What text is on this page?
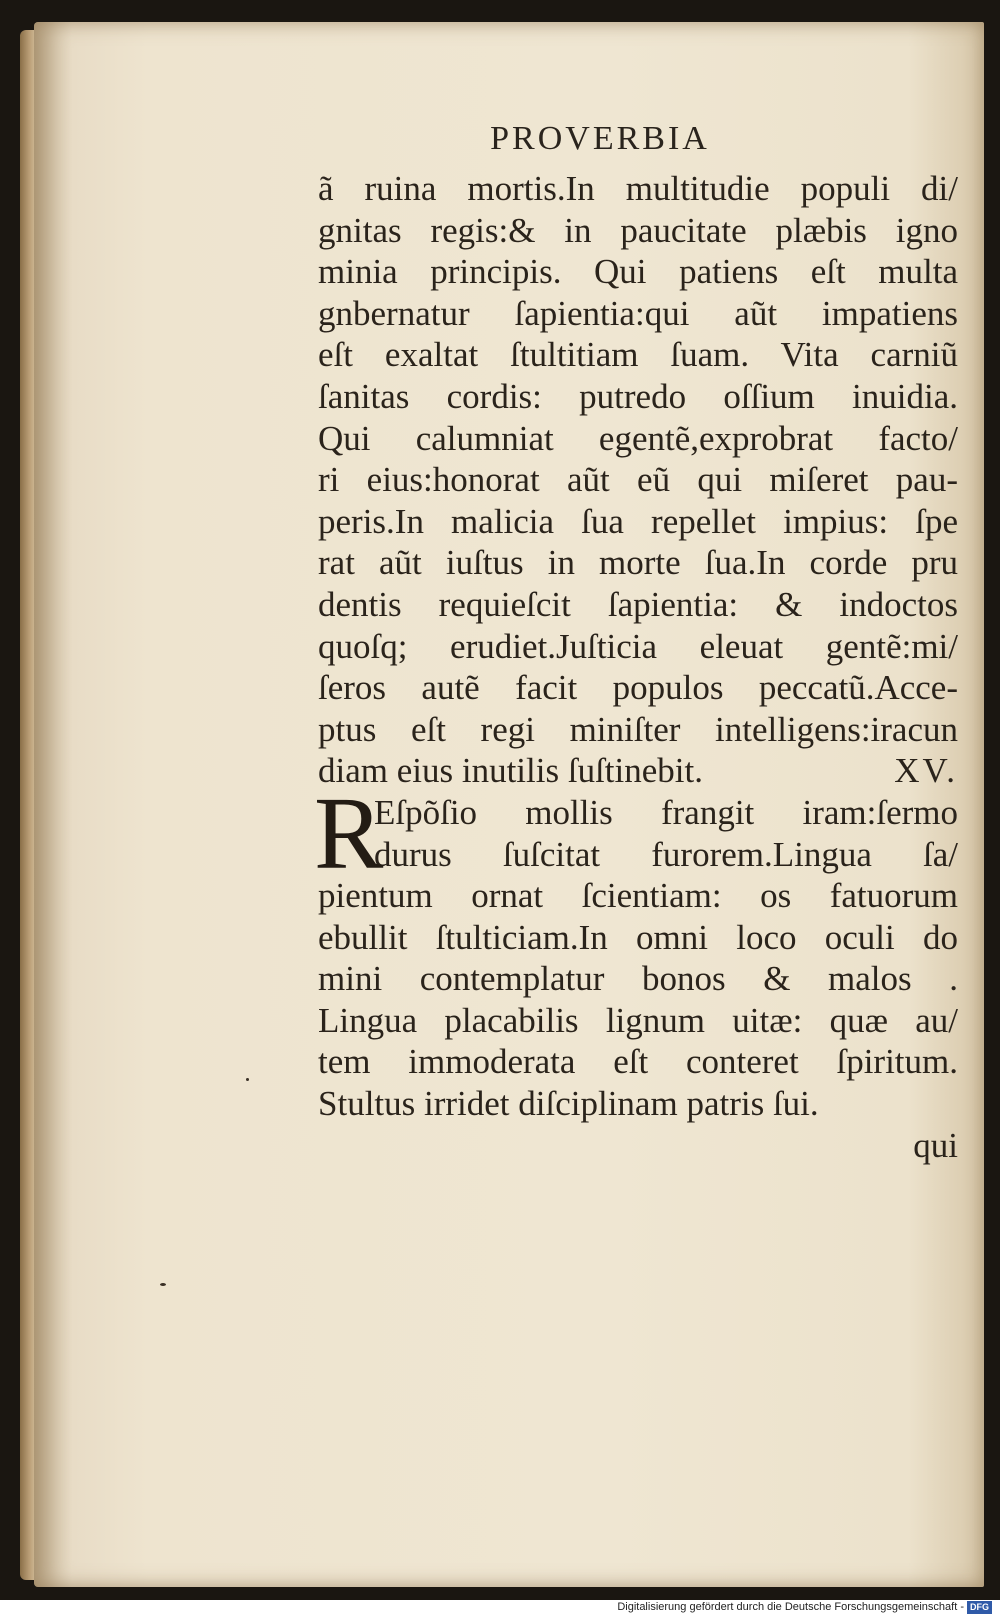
PROVERBIA
ã ruina mortis.In multitudie populi di/
gnitas regis:& in paucitate plæbis igno
minia principis. Qui patiens eſt multa
gnbernatur ſapientia:qui aũt impatiens
eſt exaltat ſtultitiam ſuam. Vita carniũ
ſanitas cordis: putredo oſſium inuidia.
Qui calumniat egentẽ,exprobrat facto/
ri eius:honorat aũt eũ qui miſeret pau-
peris.In malicia ſua repellet impius: ſpe
rat aũt iuſtus in morte ſua.In corde pru
dentis requieſcit ſapientia: & indoctos
quoſq; erudiet.Juſticia eleuat gentẽ:mi/
ſeros autẽ facit populos peccatũ.Acce-
ptus eſt regi miniſter intelligens:iracun
diam eius inutilis ſuſtinebit.	XV.
R
Eſpõſio mollis frangit iram:ſermo
durus ſuſcitat furorem.Lingua ſa/
pientum ornat ſcientiam: os fatuorum
ebullit ſtulticiam.In omni loco oculi do
mini contemplatur bonos & malos .
Lingua placabilis lignum uitæ: quæ au/
tem immoderata eſt conteret ſpiritum.
Stultus irridet diſciplinam patris ſui.
qui
Digitalisierung gefördert durch die Deutsche Forschungsgemeinschaft - DFG
